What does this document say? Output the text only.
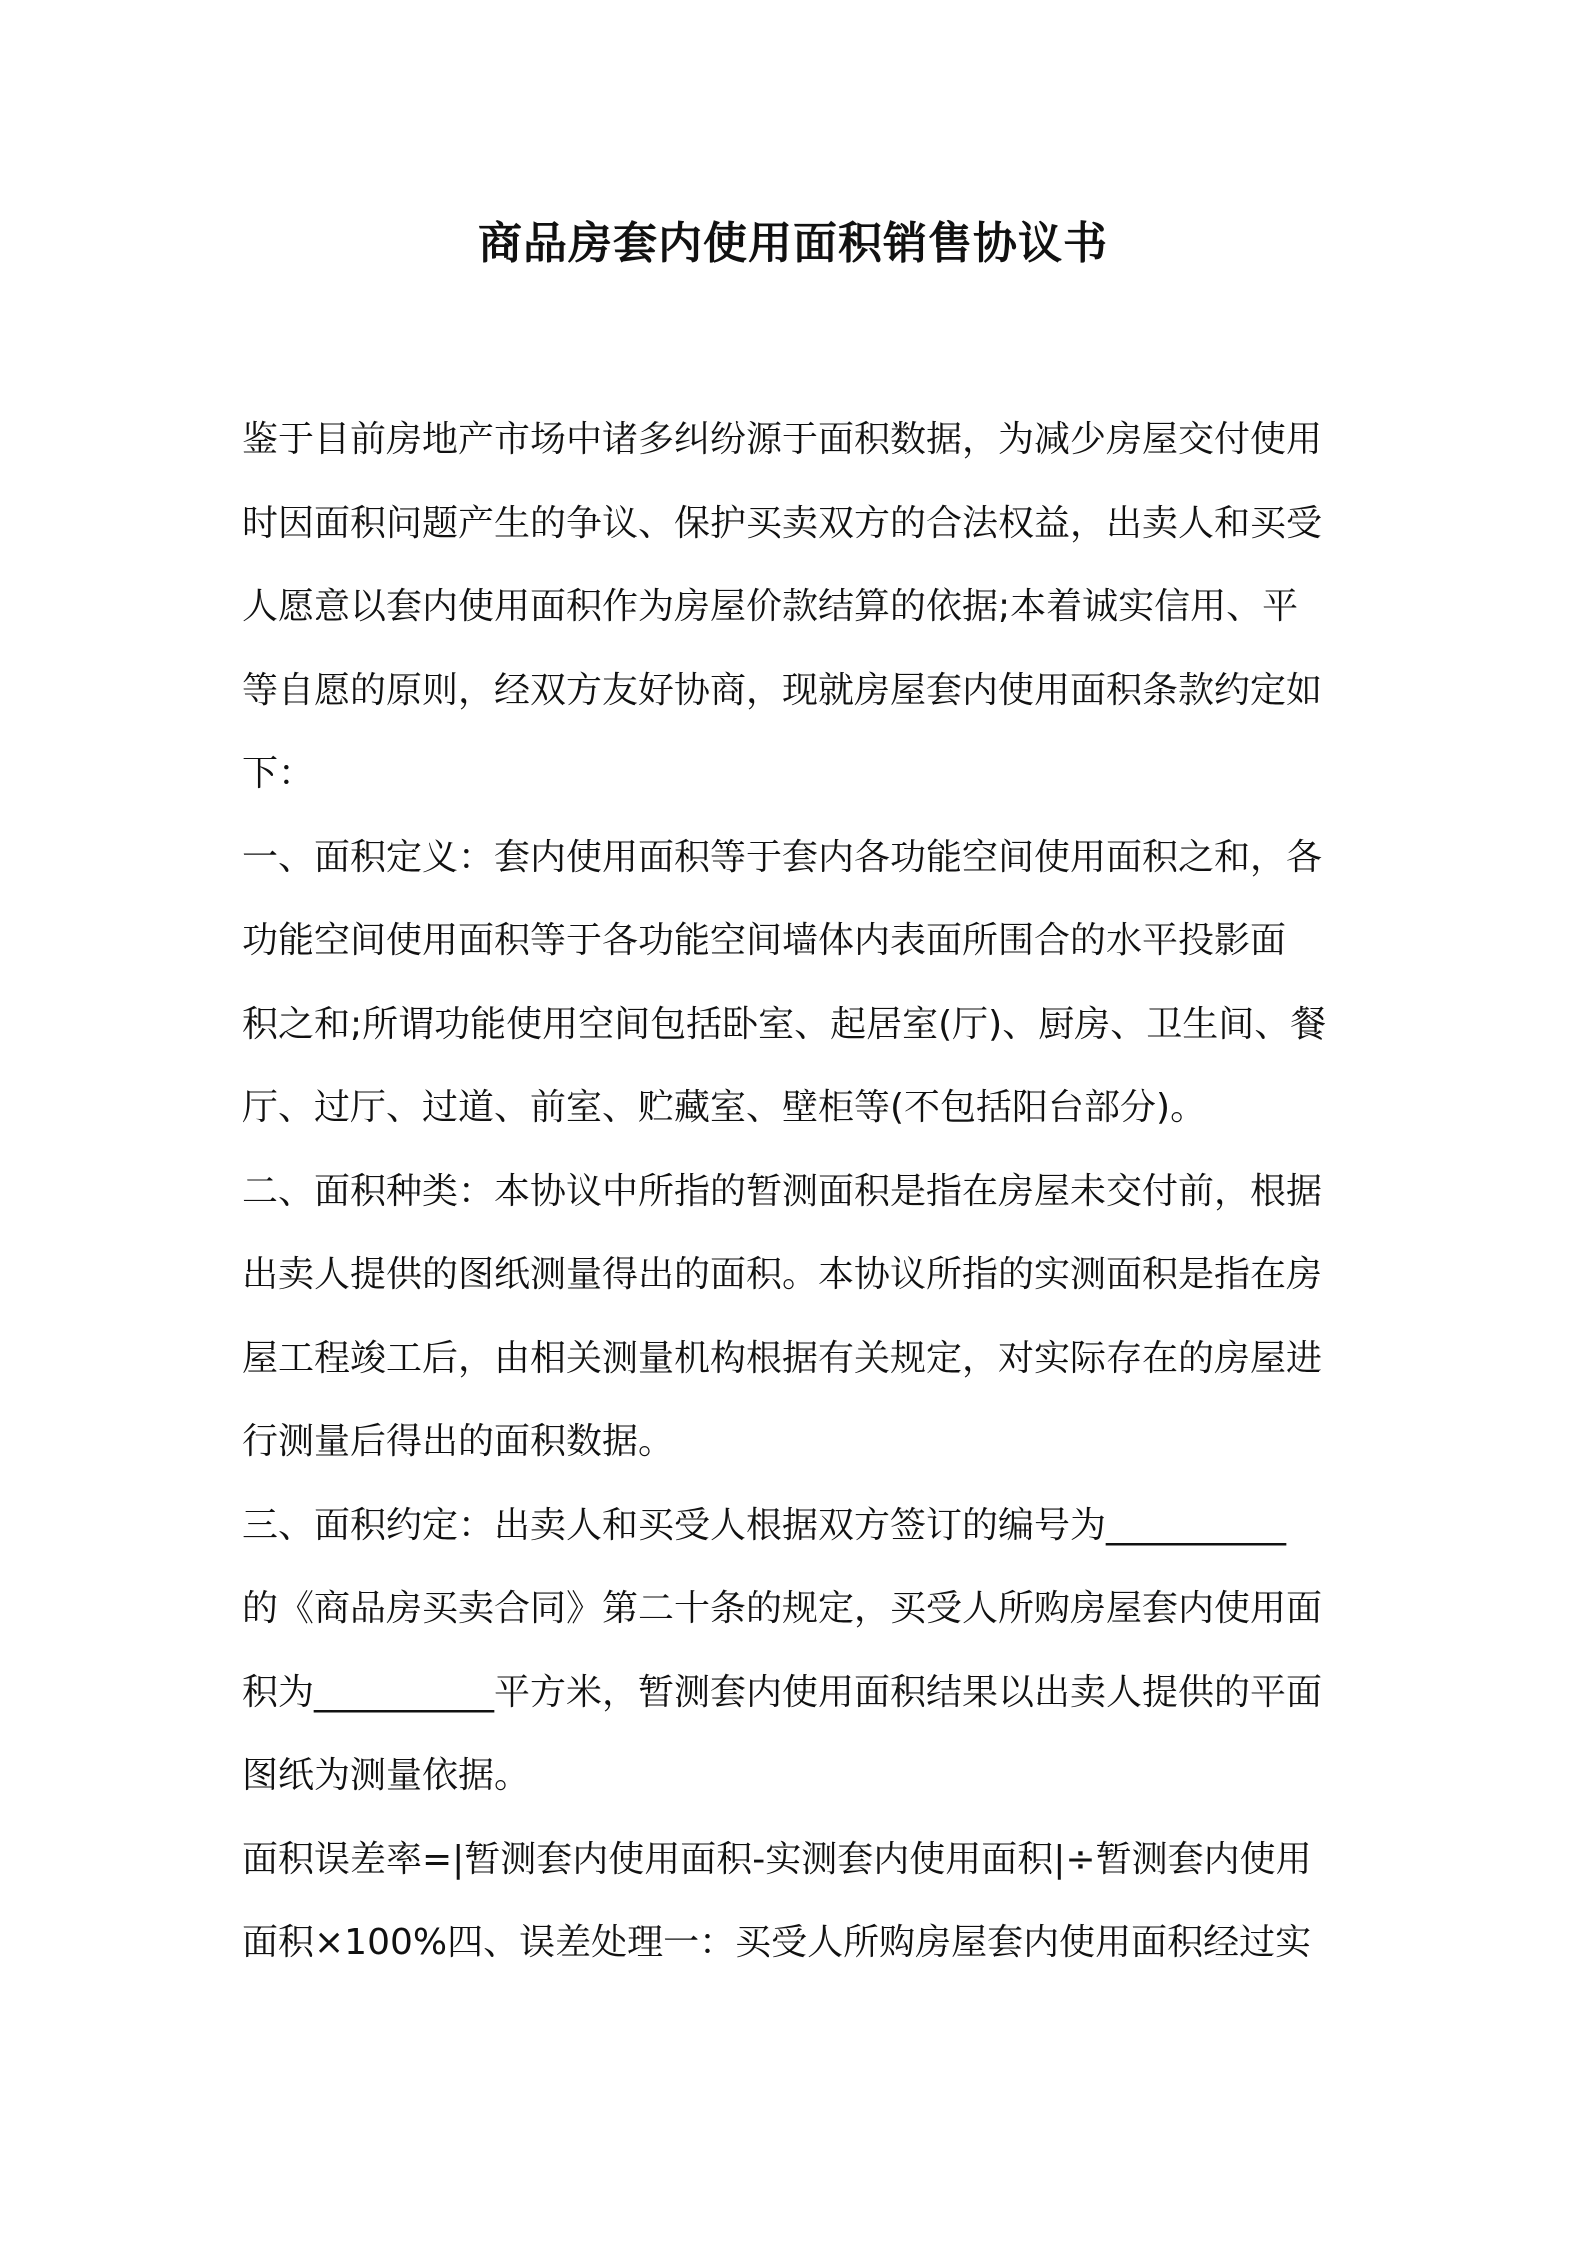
商品房套内使用面积销售协议书
鉴于目前房地产市场中诸多纠纷源于面积数据，为减少房屋交付使用
时因面积问题产生的争议、保护买卖双方的合法权益，出卖人和买受
人愿意以套内使用面积作为房屋价款结算的依据;本着诚实信用、平
等自愿的原则，经双方友好协商，现就房屋套内使用面积条款约定如
下：
一、面积定义：套内使用面积等于套内各功能空间使用面积之和，各
功能空间使用面积等于各功能空间墙体内表面所围合的水平投影面
积之和;所谓功能使用空间包括卧室、起居室(厅)、厨房、卫生间、餐
厅、过厅、过道、前室、贮藏室、壁柜等(不包括阳台部分)。
二、面积种类：本协议中所指的暂测面积是指在房屋未交付前，根据
出卖人提供的图纸测量得出的面积。本协议所指的实测面积是指在房
屋工程竣工后，由相关测量机构根据有关规定，对实际存在的房屋进
行测量后得出的面积数据。
三、面积约定：出卖人和买受人根据双方签订的编号为__________
的《商品房买卖合同》第二十条的规定，买受人所购房屋套内使用面
积为__________平方米，暂测套内使用面积结果以出卖人提供的平面
图纸为测量依据。
面积误差率=|暂测套内使用面积-实测套内使用面积|÷暂测套内使用
面积×100%四、误差处理一：买受人所购房屋套内使用面积经过实
